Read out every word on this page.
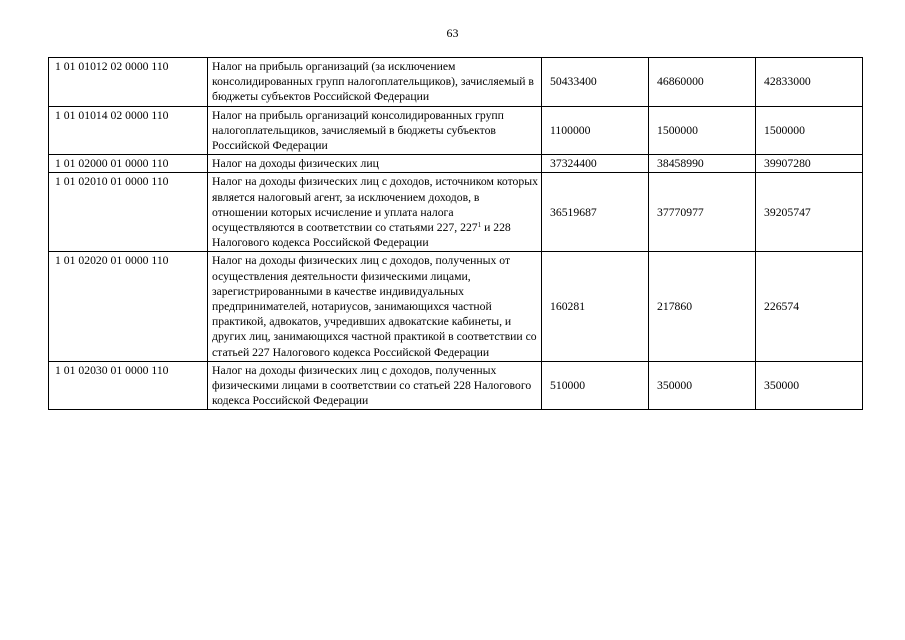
63
1 01 01012 02 0000 110	Налог на прибыль организаций (за исключением консолидированных групп налогоплательщиков), зачисляемый в бюджеты субъектов Российской Федерации	50433400	46860000	42833000
1 01 01014 02 0000 110	Налог на прибыль организаций консолидированных групп налогоплательщиков, зачисляемый в бюджеты субъектов Российской Федерации	1100000	1500000	1500000
1 01 02000 01 0000 110	Налог на доходы физических лиц	37324400	38458990	39907280
1 01 02010 01 0000 110	Налог на доходы физических лиц с доходов, источником которых является налоговый агент, за исключением доходов, в отношении которых исчисление и уплата налога осуществляются в соответствии со статьями 227, $227^1$ и 228 Налогового кодекса Российской Федерации	36519687	37770977	39205747
1 01 02020 01 0000 110	Налог на доходы физических лиц с доходов, полученных от осуществления деятельности физическими лицами, зарегистрированными в качестве индивидуальных предпринимателей, нотариусов, занимающихся частной практикой, адвокатов, учредивших адвокатские кабинеты, и других лиц, занимающихся частной практикой в соответствии со статьей 227 Налогового кодекса Российской Федерации	160281	217860	226574
1 01 02030 01 0000 110	Налог на доходы физических лиц с доходов, полученных физическими лицами в соответствии со статьей 228 Налогового кодекса Российской Федерации	510000	350000	350000
